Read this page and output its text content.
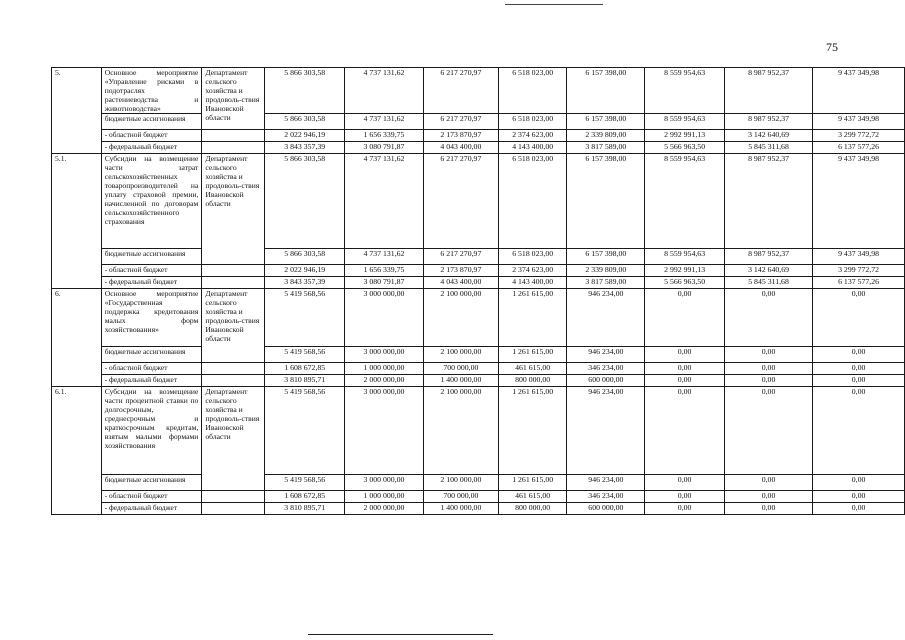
75
5.	Основное мероприятие «Управление рисками в подотраслях растениеводства и животноводства»	Департамент сельского хозяйства и продоволь-ствия Ивановской области	5 866 303,58	4 737 131,62	6 217 270,97	6 518 023,00	6 157 398,00	8 559 954,63	8 987 952,37	9 437 349,98
	бюджетные ассигнования		5 866 303,58	4 737 131,62	6 217 270,97	6 518 023,00	6 157 398,00	8 559 954,63	8 987 952,37	9 437 349,98
	- областной бюджет		2 022 946,19	1 656 339,75	2 173 870,97	2 374 623,00	2 339 809,00	2 992 991,13	3 142 640,69	3 299 772,72
	- федеральный бюджет		3 843 357,39	3 080 791,87	4 043 400,00	4 143 400,00	3 817 589,00	5 566 963,50	5 845 311,68	6 137 577,26
5.1.	Субсидии на возмещение части затрат сельскохозяйственных товаропроизводителей на уплату страховой премии, начисленной по договорам сельскохозяйственного страхования	Департамент сельского хозяйства и продоволь-ствия Ивановской области	5 866 303,58	4 737 131,62	6 217 270,97	6 518 023,00	6 157 398,00	8 559 954,63	8 987 952,37	9 437 349,98
	бюджетные ассигнования		5 866 303,58	4 737 131,62	6 217 270,97	6 518 023,00	6 157 398,00	8 559 954,63	8 987 952,37	9 437 349,98
	- областной бюджет		2 022 946,19	1 656 339,75	2 173 870,97	2 374 623,00	2 339 809,00	2 992 991,13	3 142 640,69	3 299 772,72
	- федеральный бюджет		3 843 357,39	3 080 791,87	4 043 400,00	4 143 400,00	3 817 589,00	5 566 963,50	5 845 311,68	6 137 577,26
6.	Основное мероприятие «Государственная поддержка кредитования малых форм хозяйствования»	Департамент сельского хозяйства и продоволь-ствия Ивановской области	5 419 568,56	3 000 000,00	2 100 000,00	1 261 615,00	946 234,00	0,00	0,00	0,00
	бюджетные ассигнования		5 419 568,56	3 000 000,00	2 100 000,00	1 261 615,00	946 234,00	0,00	0,00	0,00
	- областной бюджет		1 608 672,85	1 000 000,00	700 000,00	461 615,00	346 234,00	0,00	0,00	0,00
	- федеральный бюджет		3 810 895,71	2 000 000,00	1 400 000,00	800 000,00	600 000,00	0,00	0,00	0,00
6.1.	Субсидии на возмещение части процентной ставки по долгосрочным, среднесрочным и краткосрочным кредитам, взятым малыми формами хозяйствования	Департамент сельского хозяйства и продоволь-ствия Ивановской области	5 419 568,56	3 000 000,00	2 100 000,00	1 261 615,00	946 234,00	0,00	0,00	0,00
	бюджетные ассигнования		5 419 568,56	3 000 000,00	2 100 000,00	1 261 615,00	946 234,00	0,00	0,00	0,00
	- областной бюджет		1 608 672,85	1 000 000,00	700 000,00	461 615,00	346 234,00	0,00	0,00	0,00
	- федеральный бюджет		3 810 895,71	2 000 000,00	1 400 000,00	800 000,00	600 000,00	0,00	0,00	0,00
